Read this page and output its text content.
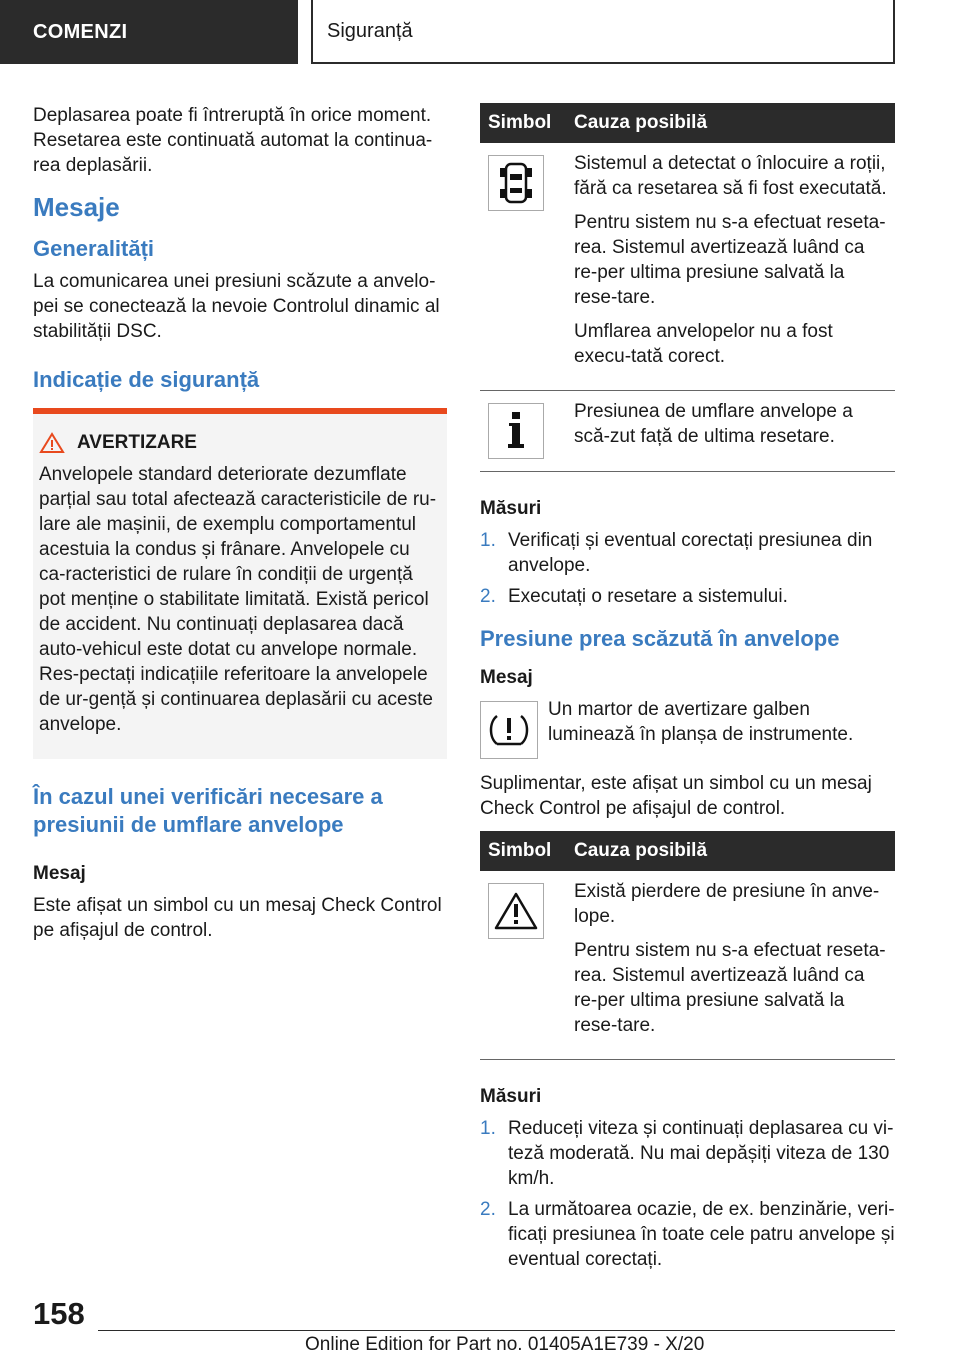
COMENZI	Siguranță

Deplasarea poate fi întreruptă în orice moment. Resetarea este continuată automat la continua-rea deplasării.

Mesaje
Generalități

La comunicarea unei presiuni scăzute a anvelo-pei se conectează la nevoie Controlul dinamic al stabilității DSC.

Indicație de siguranță
AVERTIZARE

Anvelopele standard deteriorate dezumflate parțial sau total afectează caracteristicile de ru-lare ale mașinii, de exemplu comportamentul acestuia la condus și frânare. Anvelopele cu ca-racteristici de rulare în condiții de urgență pot menține o stabilitate limitată. Există pericol de accident. Nu continuați deplasarea dacă auto-vehicul este dotat cu anvelope normale. Res-pectați indicațiile referitoare la anvelopele de ur-gență și continuarea deplasării cu aceste anvelope.

În cazul unei verificări necesare a presiunii de umflare anvelope
Mesaj

Este afișat un simbol cu un mesaj Check Control pe afișajul de control.

Simbol	Cauza posibilă

Sistemul a detectat o înlocuire a roții, fără ca resetarea să fi fost executată.

Pentru sistem nu s-a efectuat reseta-rea. Sistemul avertizează luând ca re-per ultima presiune salvată la rese-tare.

Umflarea anvelopelor nu a fost execu-tată corect.

Presiunea de umflare anvelope a scă-zut față de ultima resetare.

Măsuri
1. Verificați și eventual corectați presiunea din anvelope.
2. Executați o resetare a sistemului.
Presiune prea scăzută în anvelope
Mesaj

Un martor de avertizare galben luminează în planșa de instrumente.

Suplimentar, este afișat un simbol cu un mesaj Check Control pe afișajul de control.

Simbol	Cauza posibilă

Există pierdere de presiune în anve-lope.

Pentru sistem nu s-a efectuat reseta-rea. Sistemul avertizează luând ca re-per ultima presiune salvată la rese-tare.

Măsuri
1. Reduceți viteza și continuați deplasarea cu vi-teză moderată. Nu mai depășiți viteza de 130 km/h.
2. La următoarea ocazie, de ex. benzinărie, veri-ficați presiunea în toate cele patru anvelope și eventual corectați.
158
Online Edition for Part no. 01405A1E739 - X/20
